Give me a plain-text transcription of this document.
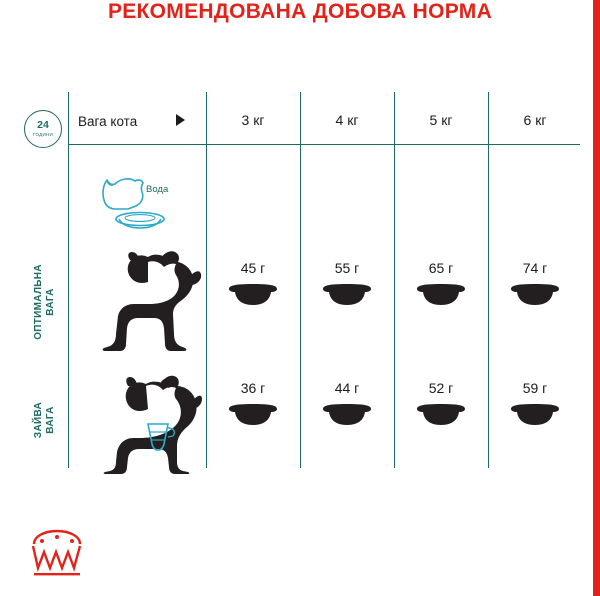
РЕКОМЕНДОВАНА ДОБОВА НОРМА
24
ГОДИНИ
Вага кота	3 кг	4 кг	5 кг	6 кг
ОПТИМАЛЬНА ВАГА
ЗАЙВА ВАГА
Вода
45 г	55 г	65 г	74 г
36 г	44 г	52 г	59 г
